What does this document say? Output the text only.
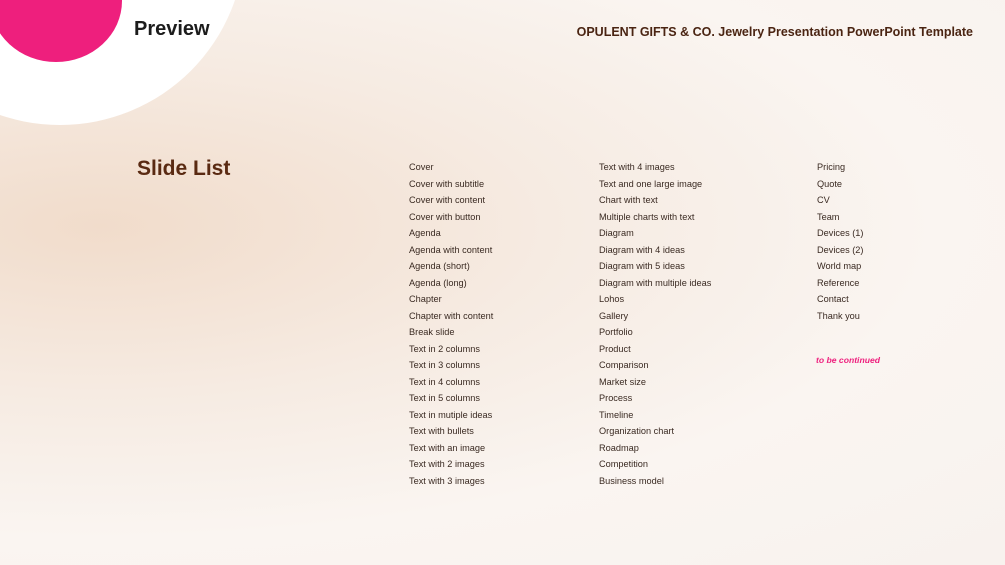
Preview	OPULENT GIFTS & CO. Jewelry Presentation PowerPoint Template
Slide List	Cover
Cover with subtitle
Cover with content
Cover with button
Agenda
Agenda with content
Agenda (short)
Agenda (long)
Chapter
Chapter with content
Break slide
Text in 2 columns
Text in 3 columns
Text in 4 columns
Text in 5 columns
Text in mutiple ideas
Text with bullets
Text with an image
Text with 2 images
Text with 3 images
Text with 4 images
Text and one large image
Chart with text
Multiple charts with text
Diagram
Diagram with 4 ideas
Diagram with 5 ideas
Diagram with multiple ideas
Lohos
Gallery
Portfolio
Product
Comparison
Market size
Process
Timeline
Organization chart
Roadmap
Competition
Business model
Pricing
Quote
CV
Team
Devices (1)
Devices (2)
World map
Reference
Contact
Thank you
to be continued
